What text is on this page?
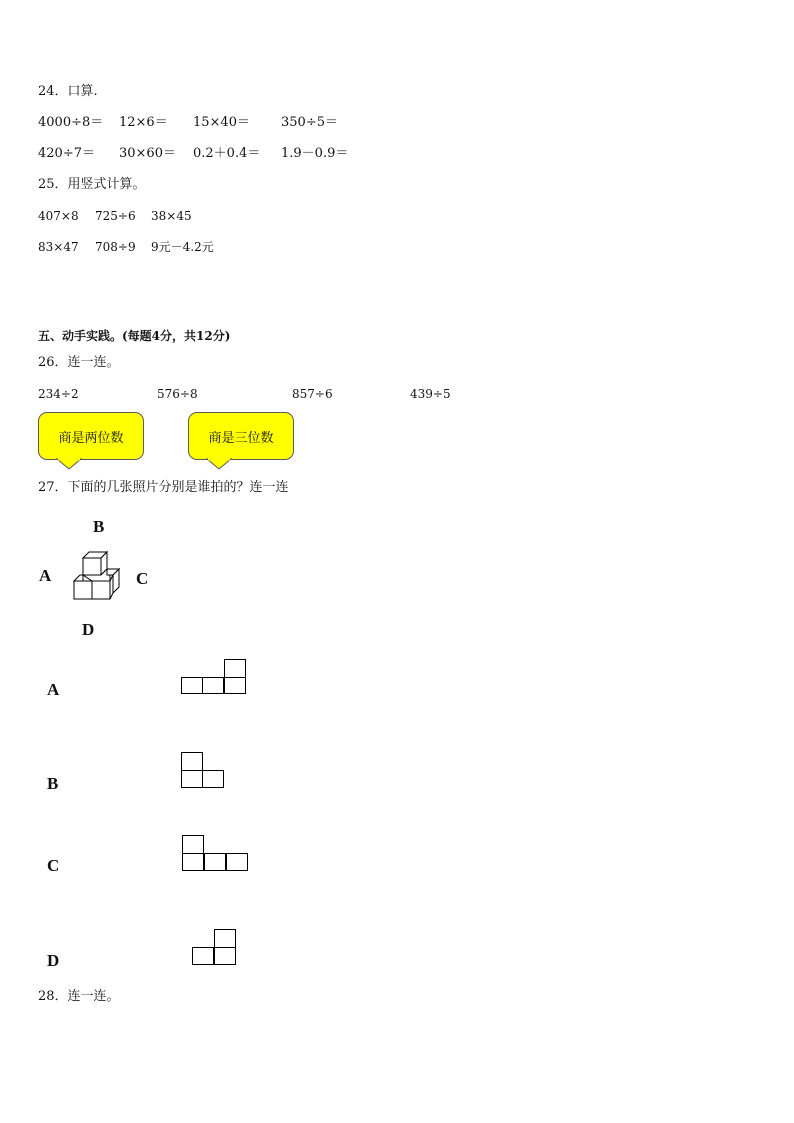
24．口算.
4000÷8＝ 12×6＝ 15×40＝ 350÷5＝
420÷7＝ 30×60＝ 0.2＋0.4＝ 1.9－0.9＝
25．用竖式计算。
407×8 725÷6 38×45
83×47 708÷9 9元－4.2元
五、动手实践。(每题4分，共12分)
26．连一连。
234÷2	576÷8	857÷6	439÷5
商是两位数	商是三位数
27．下面的几张照片分别是谁拍的？连一连
B
A	C
D
A
B
C
D
28．连一连。
